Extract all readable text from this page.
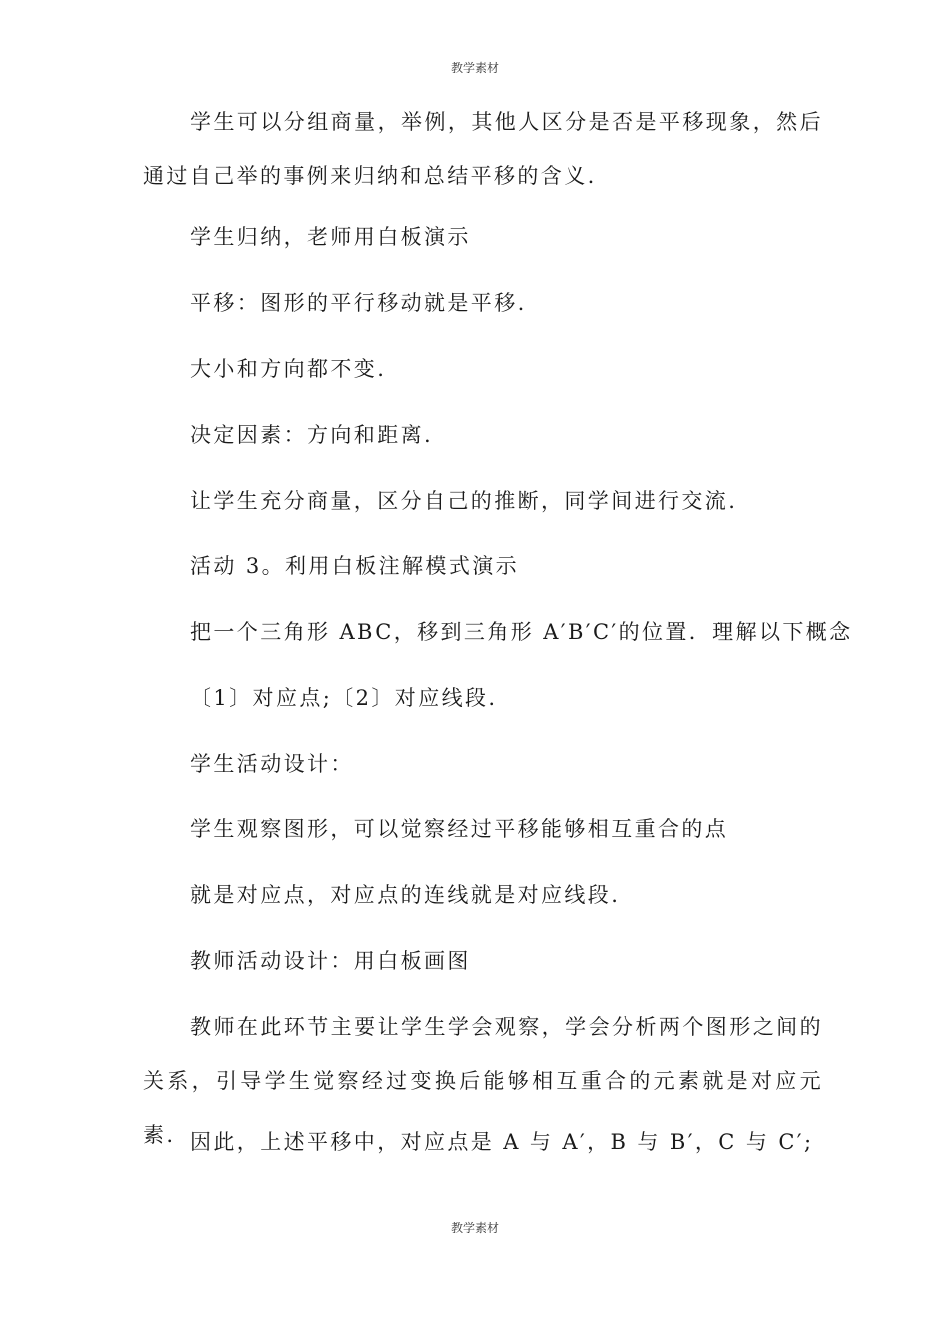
教学素材

学生可以分组商量，举例，其他人区分是否是平移现象，然后通过自己举的事例来归纳和总结平移的含义.

学生归纳，老师用白板演示

平移：图形的平行移动就是平移.

大小和方向都不变.

决定因素：方向和距离.

让学生充分商量，区分自己的推断，同学间进行交流.

活动 3。利用白板注解模式演示

把一个三角形 ABC，移到三角形 A′B′C′的位置．理解以下概念

〔1〕对应点;〔2〕对应线段.

学生活动设计：

学生观察图形，可以觉察经过平移能够相互重合的点

就是对应点，对应点的连线就是对应线段.

教师活动设计：用白板画图

教师在此环节主要让学生学会观察，学会分析两个图形之间的关系，引导学生觉察经过变换后能够相互重合的元素就是对应元素. 因此，上述平移中，对应点是 A 与 A′，B 与 B′，C 与 C′;

教学素材
